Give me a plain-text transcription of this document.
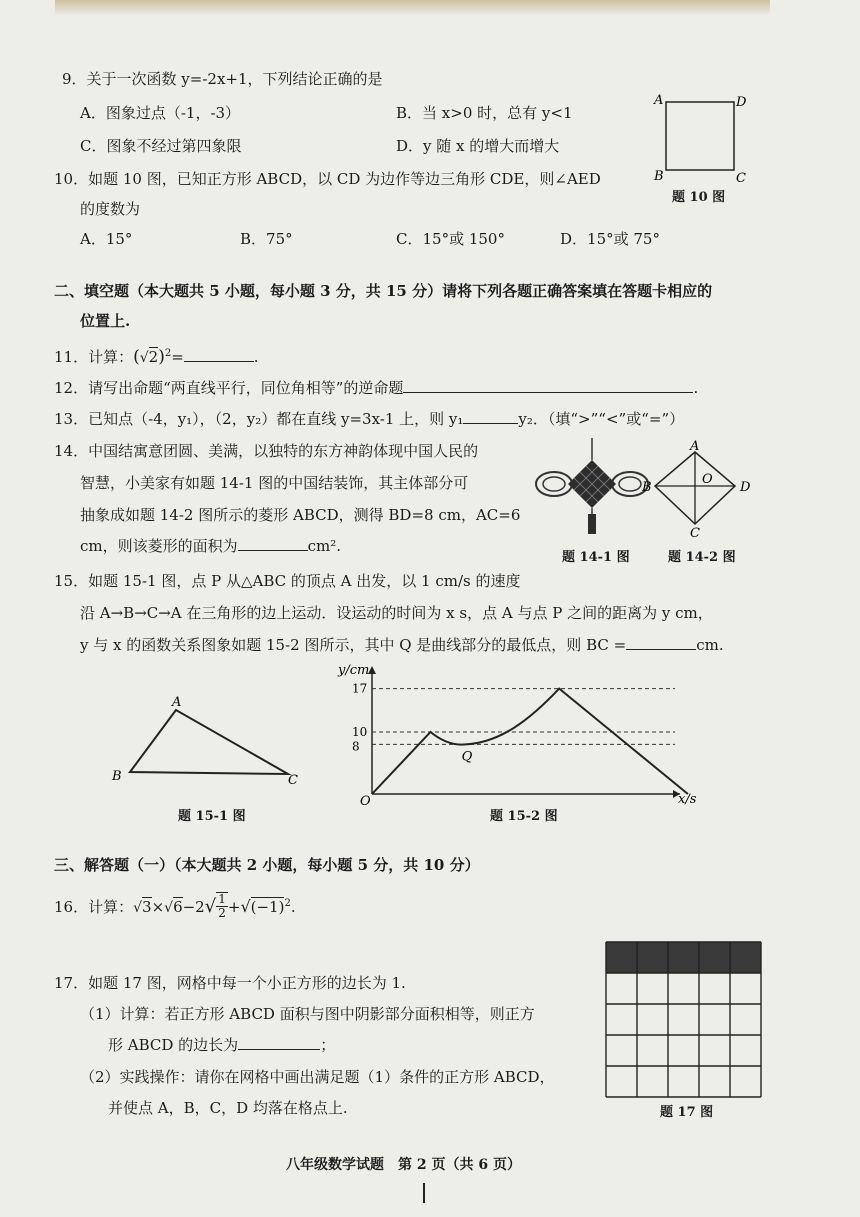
9．关于一次函数 y=-2x+1，下列结论正确的是
A．图象过点（-1，-3）	B．当 x>0 时，总有 y<1
C．图象不经过第四象限	D．y 随 x 的增大而增大
A	D
B	C
题 10 图
10．如题 10 图，已知正方形 ABCD，以 CD 为边作等边三角形 CDE，则∠AED
的度数为
A．15°	B．75°	C．15°或 150°	D．15°或 75°
二、填空题（本大题共 5 小题，每小题 3 分，共 15 分）请将下列各题正确答案填在答题卡相应的
位置上.
11．计算：$(√2)^2=$	.
12．请写出命题“两直线平行，同位角相等”的逆命题	.
13．已知点（-4，y₁），（2，y₂）都在直线 y=3x-1 上，则 y₁	y₂．（填“>”“<”或“=”）
14．中国结寓意团圆、美满，以独特的东方神韵体现中国人民的
智慧，小美家有如题 14-1 图的中国结装饰，其主体部分可
抽象成如题 14-2 图所示的菱形 ABCD，测得 BD=8 cm，AC=6
cm，则该菱形的面积为	cm².
题 14-1 图
A
B	D
O
C
题 14-2 图
15．如题 15-1 图，点 P 从△ABC 的顶点 A 出发，以 1 cm/s 的速度
沿 A→B→C→A 在三角形的边上运动．设运动的时间为 x s，点 A 与点 P 之间的距离为 y cm，
y 与 x 的函数关系图象如题 15-2 图所示，其中 Q 是曲线部分的最低点，则 BC =	cm.
A
B	C
题 15-1 图
y/cm
x/s
O
17
10
8
Q
题 15-2 图
三、解答题（一）（本大题共 2 小题，每小题 5 分，共 10 分）
16．计算：$√3\times√6-2√ \frac{1}{2} +√(-1)^2$.
17．如题 17 图，网格中每一个小正方形的边长为 1.
（1）计算：若正方形 ABCD 面积与图中阴影部分面积相等，则正方
形 ABCD 的边长为	；
（2）实践操作：请你在网格中画出满足题（1）条件的正方形 ABCD，
并使点 A，B，C，D 均落在格点上.	题 17 图
八年级数学试题　第 2 页（共 6 页）
